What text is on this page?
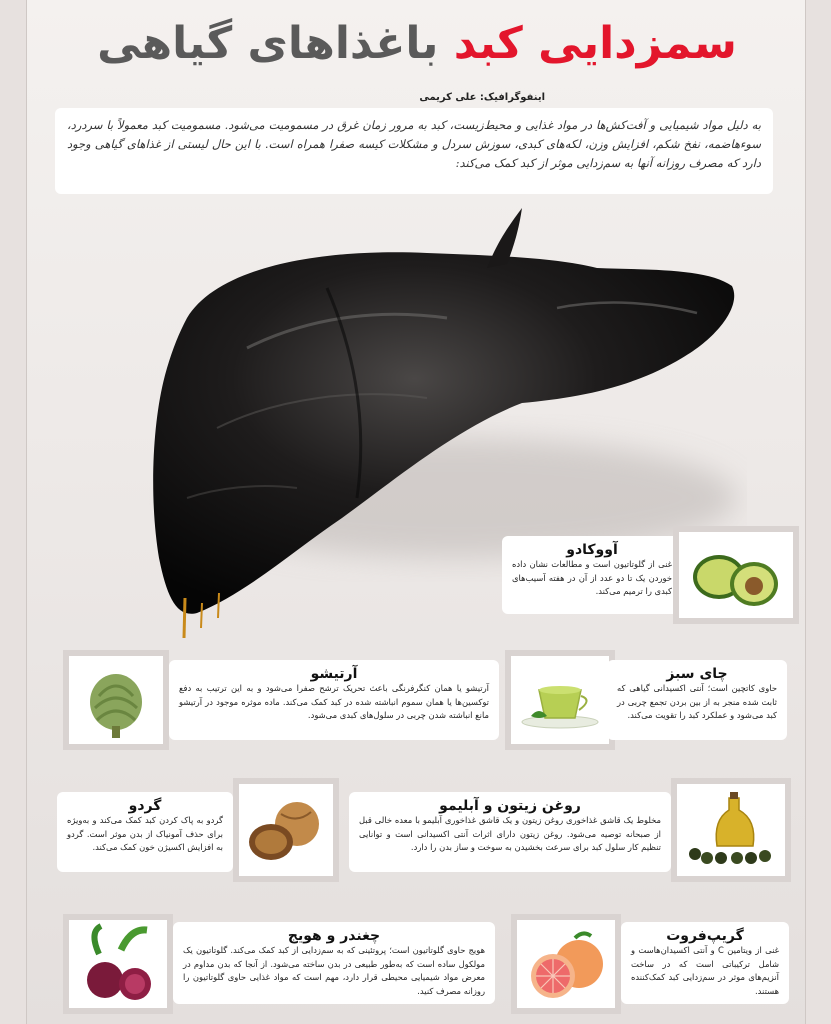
سمزدایی کبد باغذاهای گیاهی
اینفوگرافیک: علی کریمی
به دلیل مواد شیمیایی و آفت‌کش‌ها در مواد غذایی و محیط‌زیست، کبد به مرور زمان غرق در مسمومیت می‌شود. مسمومیت کبد معمولاً با سردرد، سوءهاضمه، نفخ شکم، افزایش وزن، لکه‌های کبدی، سوزش سردل و مشکلات کیسه صفرا همراه است. با این حال لیستی از غذاهای گیاهی وجود دارد که مصرف روزانه آنها به سم‌زدایی موثر از کبد کمک می‌کند:
آووکادو
غنی از گلوتاتیون است و مطالعات نشان داده خوردن یک تا دو عدد از آن در هفته آسیب‌های کبدی را ترمیم می‌کند.
آرتیشو
آرتیشو یا همان کنگرفرنگی باعث تحریک ترشح صفرا می‌شود و به این ترتیب به دفع توکسین‌ها یا همان سموم انباشته شده در کبد کمک می‌کند. ماده موثره موجود در آرتیشو مانع انباشته شدن چربی در سلول‌های کبدی می‌شود.
چای سبز
حاوی کاتچین است؛ آنتی اکسیدانی گیاهی که ثابت شده منجر به از بین بردن تجمع چربی در کبد می‌شود و عملکرد کبد را تقویت می‌کند.
گردو
گردو به پاک کردن کبد کمک می‌کند و به‌ویژه برای حذف آمونیاک از بدن موثر است. گردو به افزایش اکسیژن خون کمک می‌کند.
روغن زیتون و آبلیمو
مخلوط یک قاشق غذاخوری روغن زیتون و یک قاشق غذاخوری آبلیمو با معده خالی قبل از صبحانه توصیه می‌شود. روغن زیتون دارای اثرات آنتی اکسیدانی است و توانایی تنظیم کار سلول کبد برای سرعت بخشیدن به سوخت و ساز بدن را دارد.
چغندر و هویج
هویج حاوی گلوتاتیون است؛ پروتئینی که به سم‌زدایی از کبد کمک می‌کند. گلوتاتیون یک مولکول ساده است که به‌طور طبیعی در بدن ساخته می‌شود. از آنجا که بدن مداوم در معرض مواد شیمیایی محیطی قرار دارد، مهم است که مواد غذایی حاوی گلوتاتیون را روزانه مصرف کنید.
گریپ‌فروت
غنی از ویتامین C و آنتی اکسیدان‌هاست و شامل ترکیباتی است که در ساخت آنزیم‌های موثر در سم‌زدایی کبد کمک‌کننده هستند.
